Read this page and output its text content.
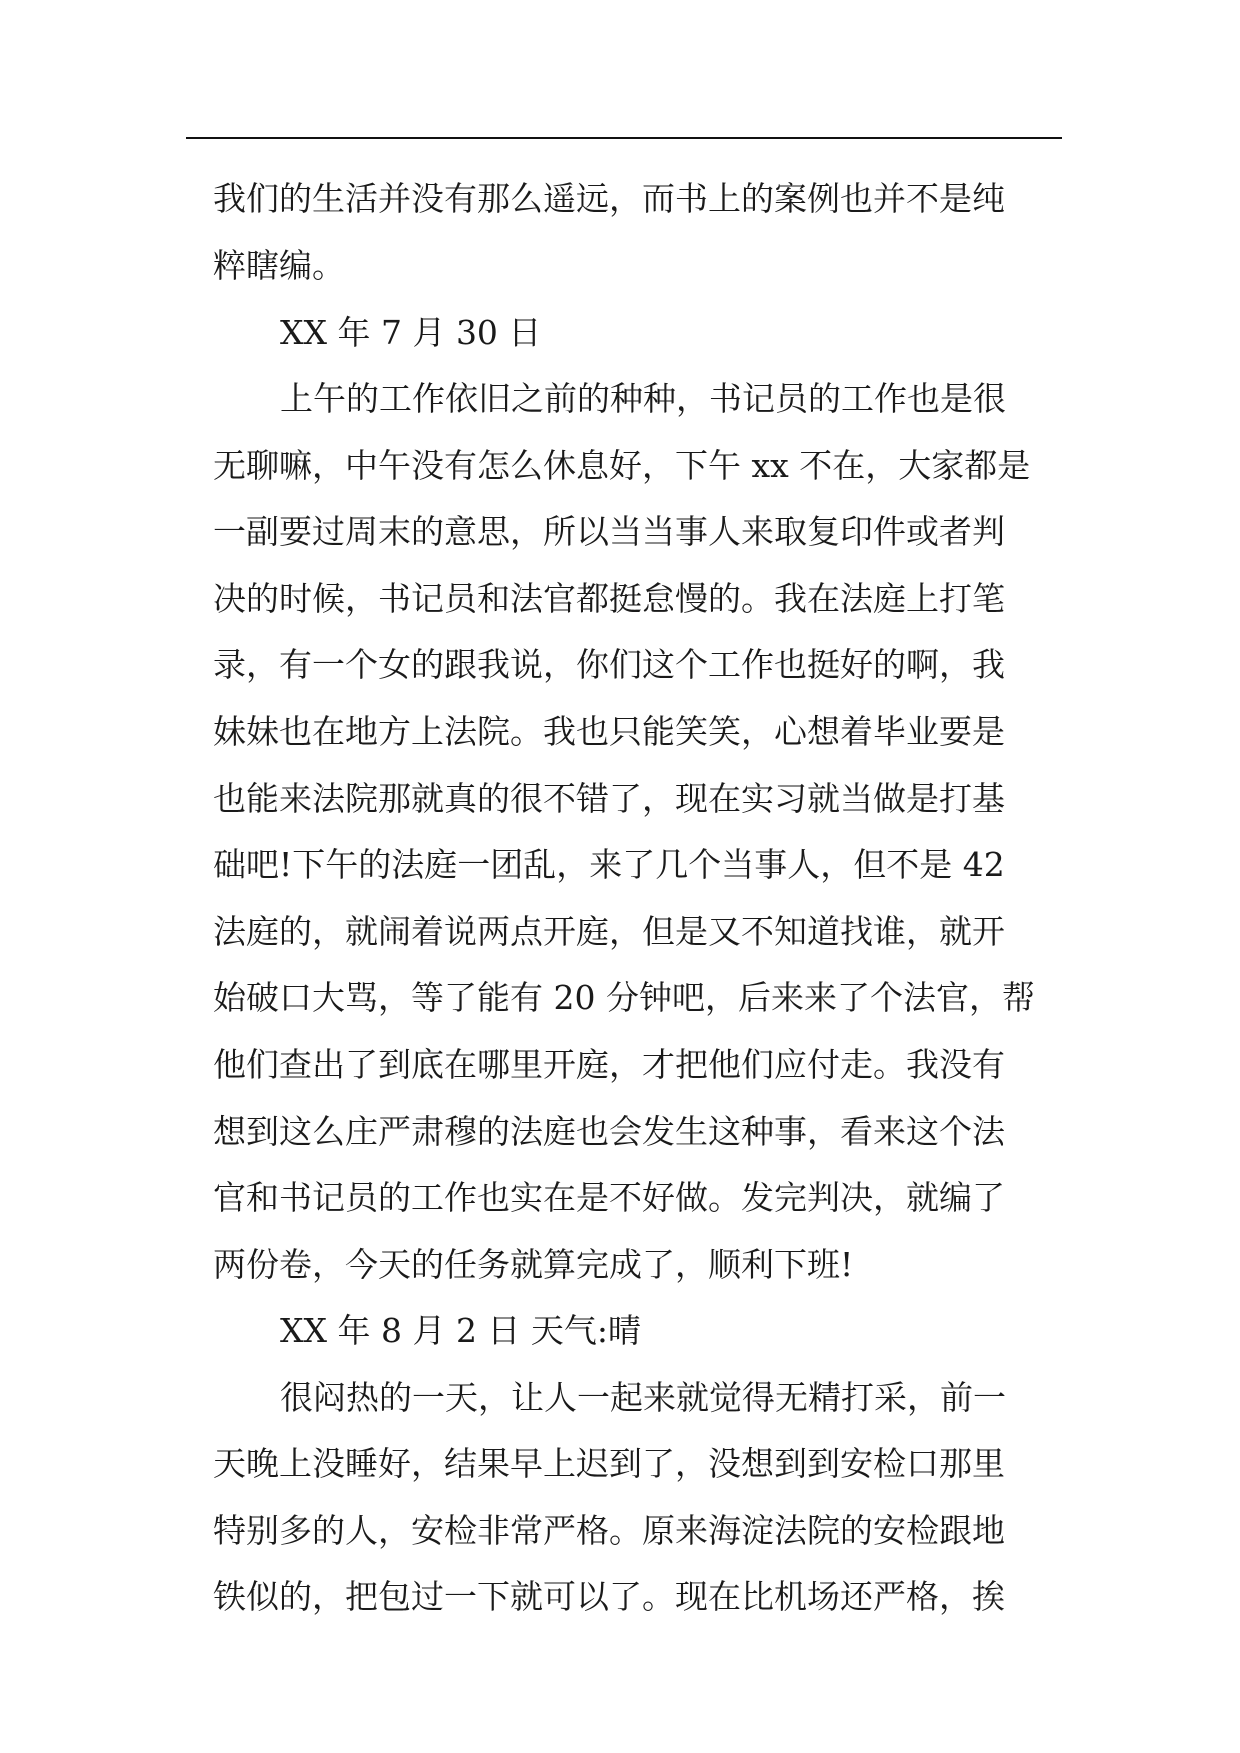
我们的生活并没有那么遥远，而书上的案例也并不是纯

粹瞎编。

XX 年 7 月 30 日

上午的工作依旧之前的种种，书记员的工作也是很

无聊嘛，中午没有怎么休息好，下午 xx 不在，大家都是

一副要过周末的意思，所以当当事人来取复印件或者判

决的时候，书记员和法官都挺怠慢的。我在法庭上打笔

录，有一个女的跟我说，你们这个工作也挺好的啊，我

妹妹也在地方上法院。我也只能笑笑，心想着毕业要是

也能来法院那就真的很不错了，现在实习就当做是打基

础吧!下午的法庭一团乱，来了几个当事人，但不是 42

法庭的，就闹着说两点开庭，但是又不知道找谁，就开

始破口大骂，等了能有 20 分钟吧，后来来了个法官，帮

他们查出了到底在哪里开庭，才把他们应付走。我没有

想到这么庄严肃穆的法庭也会发生这种事，看来这个法

官和书记员的工作也实在是不好做。发完判决，就编了

两份卷，今天的任务就算完成了，顺利下班!

XX 年 8 月 2 日 天气:晴

很闷热的一天，让人一起来就觉得无精打采，前一

天晚上没睡好，结果早上迟到了，没想到到安检口那里

特别多的人，安检非常严格。原来海淀法院的安检跟地

铁似的，把包过一下就可以了。现在比机场还严格，挨
